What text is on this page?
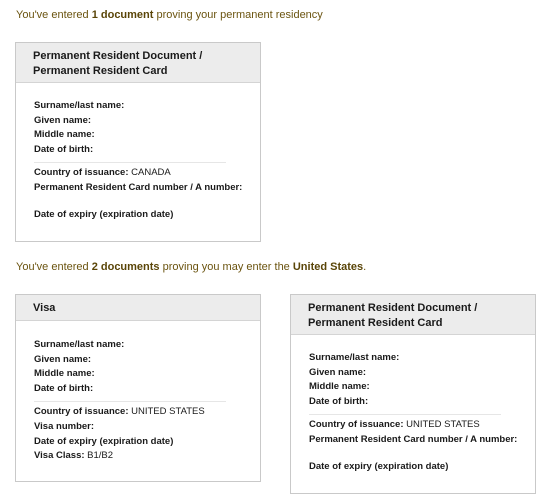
You've entered 1 document proving your permanent residency
Permanent Resident Document /
Permanent Resident Card
Surname/last name:
Given name:
Middle name:
Date of birth:
Country of issuance: CANADA
Permanent Resident Card number / A number:
Date of expiry (expiration date)
You've entered 2 documents proving you may enter the United States.
Visa
Surname/last name:
Given name:
Middle name:
Date of birth:
Country of issuance: UNITED STATES
Visa number:
Date of expiry (expiration date)
Visa Class: B1/B2
Permanent Resident Document /
Permanent Resident Card
Surname/last name:
Given name:
Middle name:
Date of birth:
Country of issuance: UNITED STATES
Permanent Resident Card number / A number:
Date of expiry (expiration date)
